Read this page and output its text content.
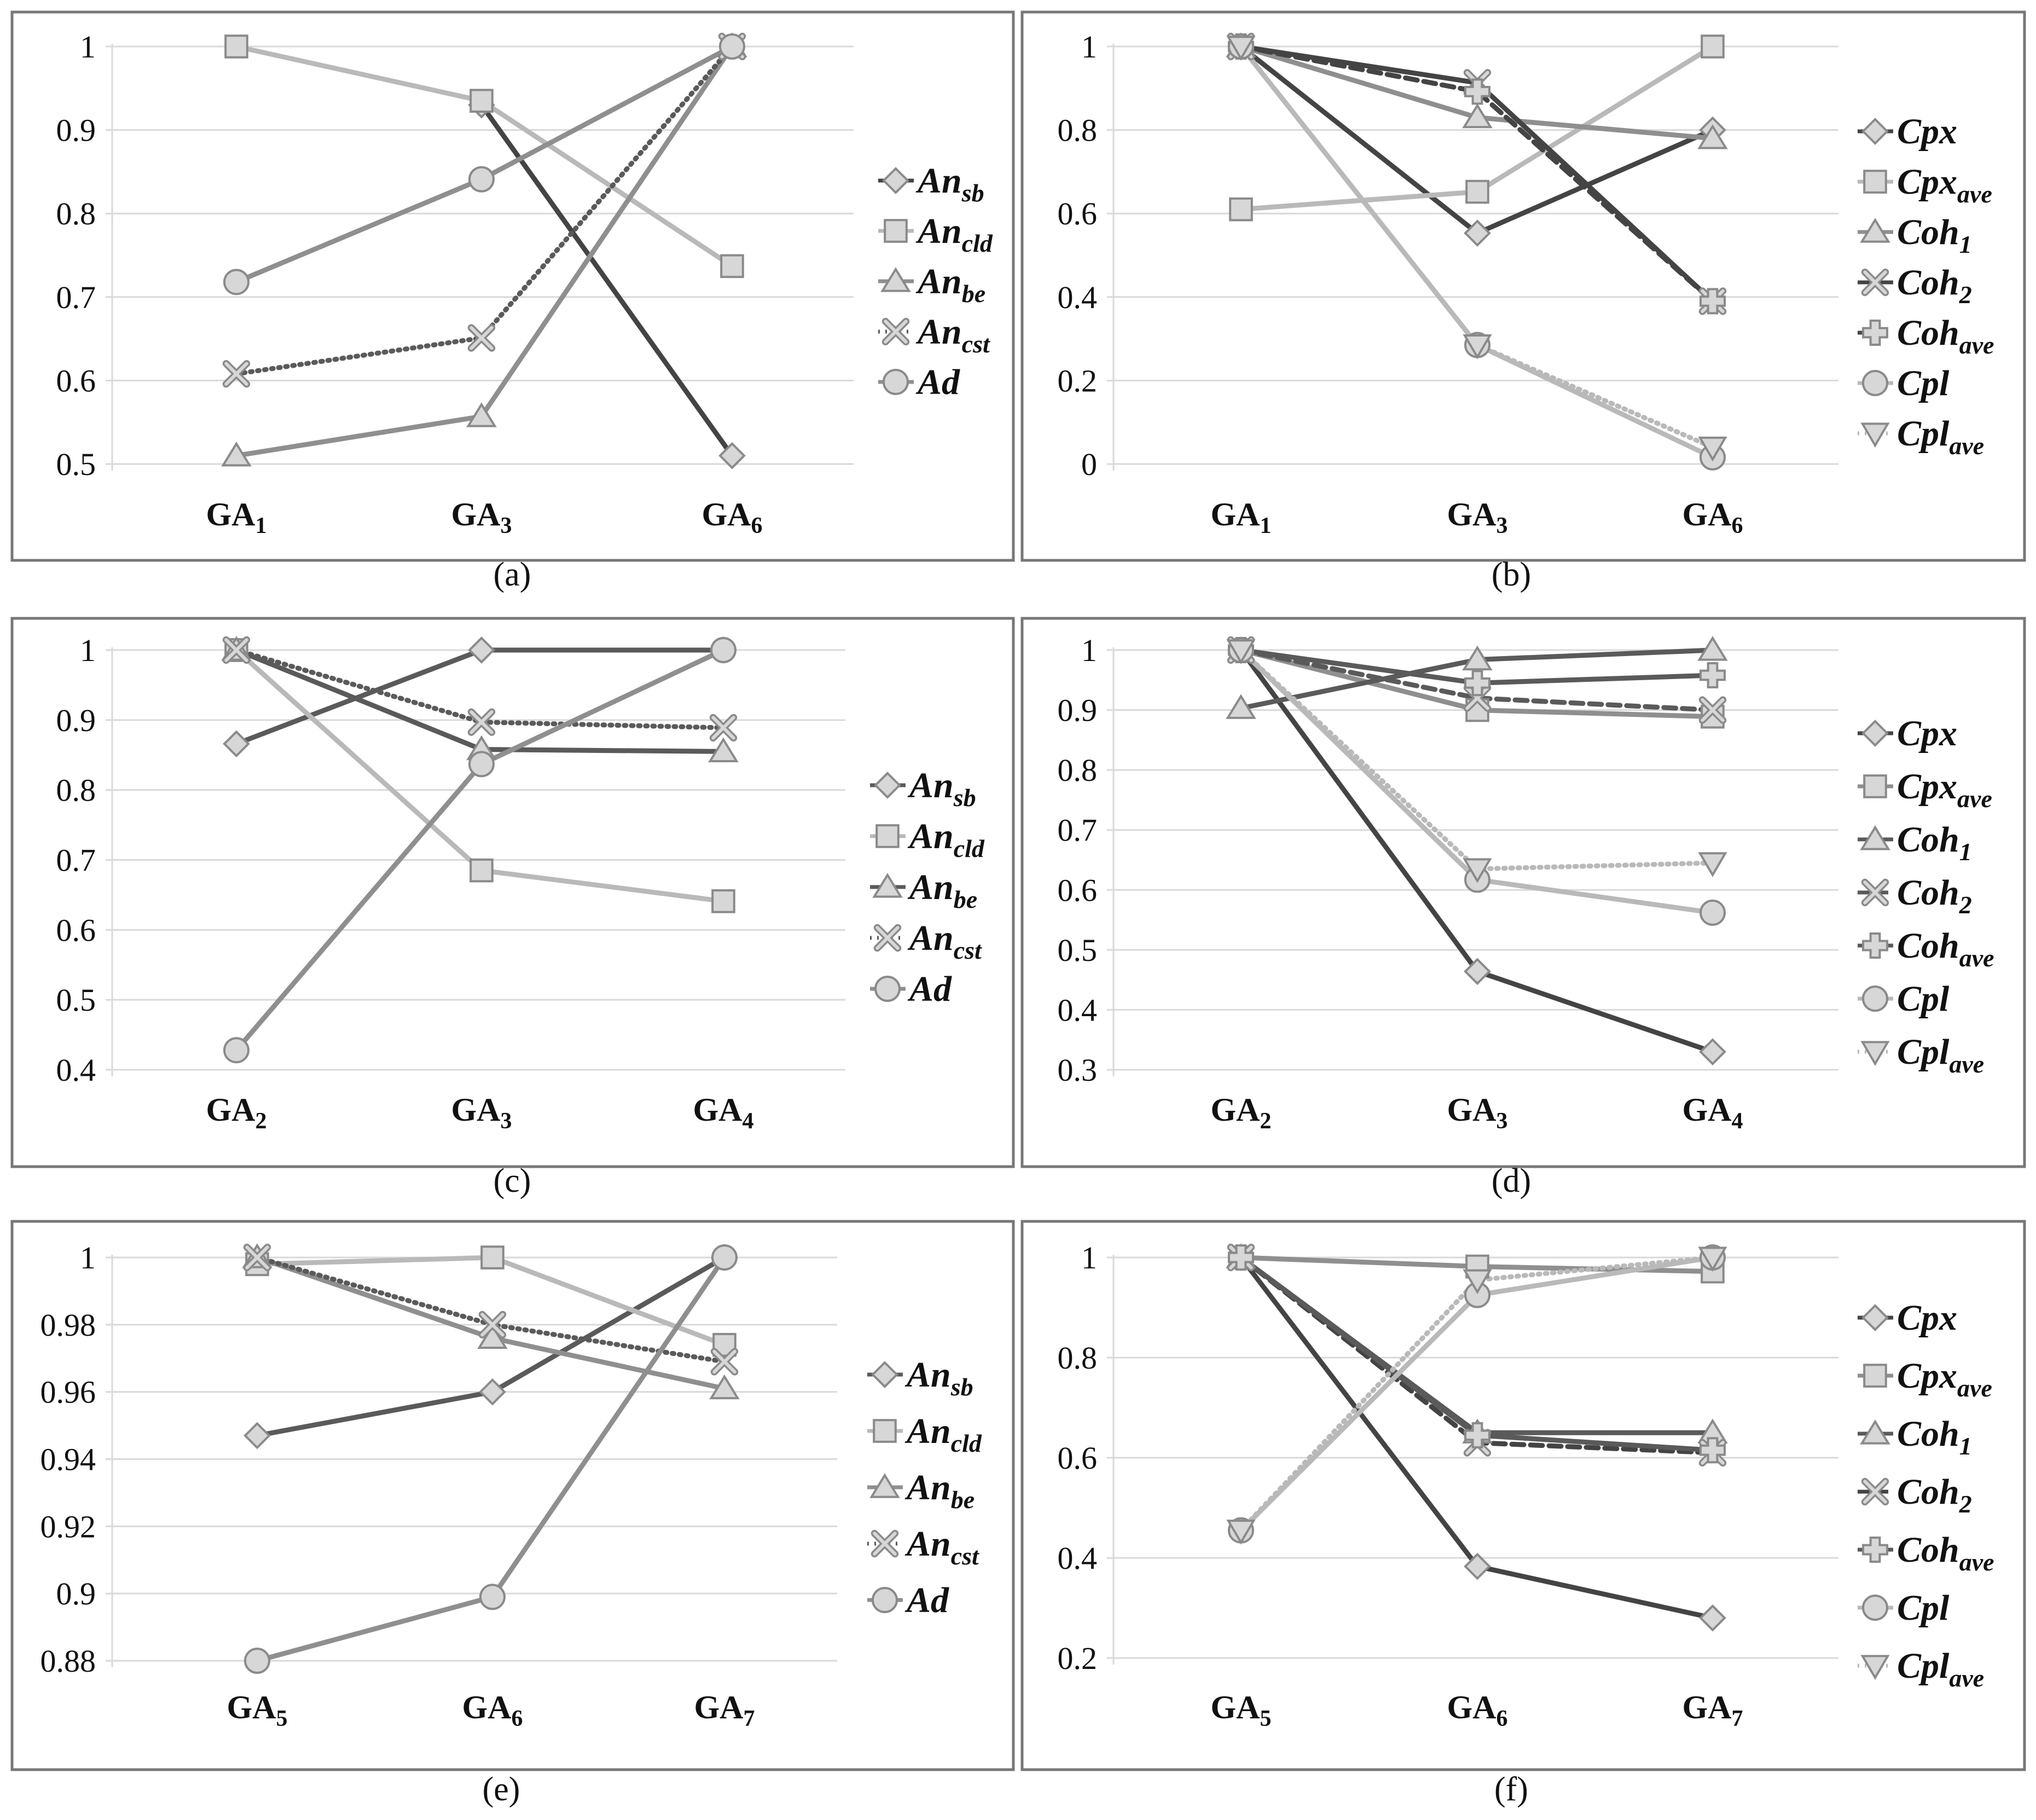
0.5
0.6
0.7
0.8
0.9
1
$GA_1$	$GA_3$	$GA_6$
$An_{sb}$
$An_{cld}$
$An_{be}$
$An_{cst}$
Ad
(a)
0
0.2
0.4
0.6
0.8
1
$GA_1$	$GA_3$	$GA_6$
Cpx
Cpx$_{ave}$
Coh$_1$
Coh$_2$
Coh$_{ave}$
Cpl
Cpl$_{ave}$
(b)
0.4
0.5
0.6
0.7
0.8
0.9
1
$GA_2$	$GA_3$	$GA_4$
$An_{sb}$
$An_{cld}$
$An_{be}$
$An_{cst}$
Ad
(c)
0.3
0.4
0.5
0.6
0.7
0.8
0.9
1
$GA_2$	$GA_3$	$GA_4$
Cpx
Cpx$_{ave}$
Coh$_1$
Coh$_2$
Coh$_{ave}$
Cpl
Cpl$_{ave}$
(d)
0.88
0.9
0.92
0.94
0.96
0.98
1
$GA_5$	$GA_6$	$GA_7$
$An_{sb}$
$An_{cld}$
$An_{be}$
$An_{cst}$
Ad
(e)
0.2
0.4
0.6
0.8
1
$GA_5$	$GA_6$	$GA_7$
Cpx
Cpx$_{ave}$
Coh$_1$
Coh$_2$
Coh$_{ave}$
Cpl
Cpl$_{ave}$
(f)
